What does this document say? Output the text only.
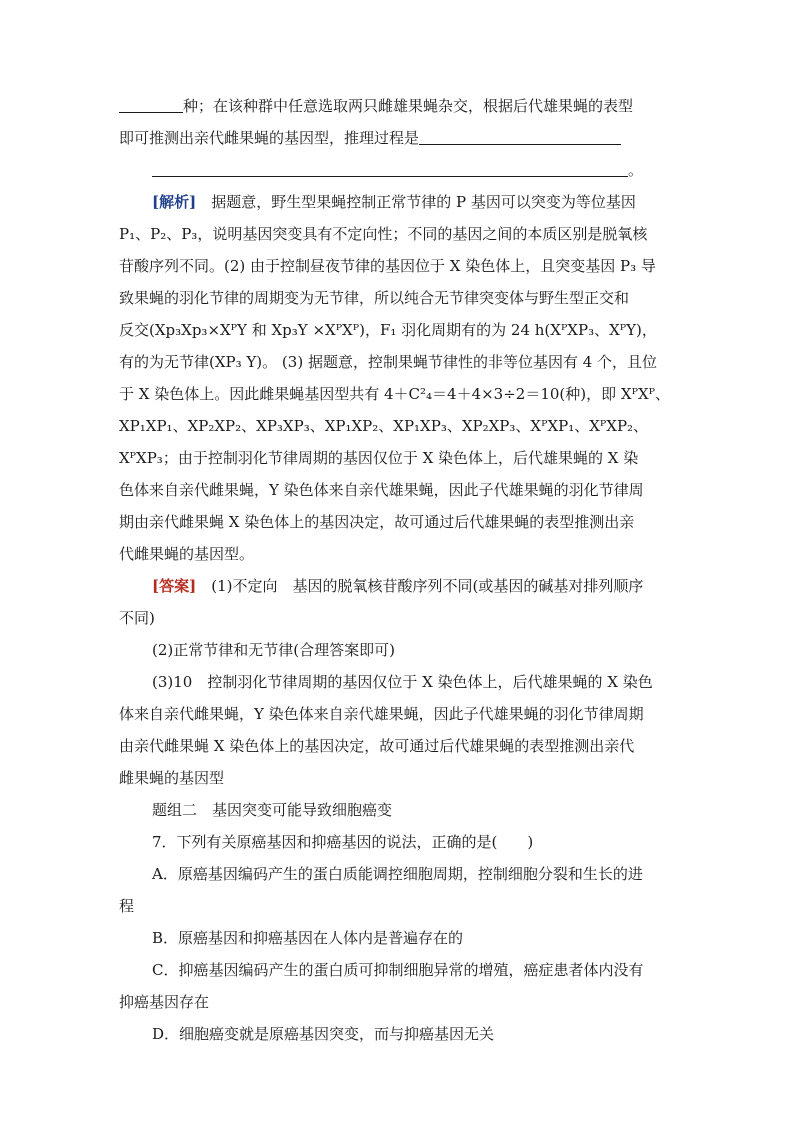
种；在该种群中任意选取两只雌雄果蝇杂交，根据后代雄果蝇的表型
即可推测出亲代雌果蝇的基因型，推理过程是
。
[解析]　 据题意，野生型果蝇控制正常节律的 P 基因可以突变为等位基因
P₁、P₂、P₃，说明基因突变具有不定向性；不同的基因之间的本质区别是脱氧核
苷酸序列不同。(2) 由于控制昼夜节律的基因位于 X 染色体上，且突变基因 P₃ 导
致果蝇的羽化节律的周期变为无节律，所以纯合无节律突变体与野生型正交和
反交(Xp₃Xp₃×XᴾY 和 Xp₃Y ×XᴾXᴾ)，F₁ 羽化周期有的为 24 h(XᴾXP₃、XᴾY)，
有的为无节律(XP₃ Y)。 (3) 据题意，控制果蝇节律性的非等位基因有 4 个，且位
于 X 染色体上。因此雌果蝇基因型共有 4＋C²₄＝4＋4×3÷2＝10(种)，即 XᴾXᴾ、
XP₁XP₁、XP₂XP₂、XP₃XP₃、XP₁XP₂、XP₁XP₃、XP₂XP₃、XᴾXP₁、XᴾXP₂、
XᴾXP₃；由于控制羽化节律周期的基因仅位于 X 染色体上，后代雄果蝇的 X 染
色体来自亲代雌果蝇，Y 染色体来自亲代雄果蝇，因此子代雄果蝇的羽化节律周
期由亲代雌果蝇 X 染色体上的基因决定，故可通过后代雄果蝇的表型推测出亲
代雌果蝇的基因型。
[答案]　 (1)不定向　基因的脱氧核苷酸序列不同(或基因的碱基对排列顺序
不同)
(2)正常节律和无节律(合理答案即可)
(3)10　控制羽化节律周期的基因仅位于 X 染色体上，后代雄果蝇的 X 染色
体来自亲代雌果蝇，Y 染色体来自亲代雄果蝇，因此子代雄果蝇的羽化节律周期
由亲代雌果蝇 X 染色体上的基因决定，故可通过后代雄果蝇的表型推测出亲代
雌果蝇的基因型
题组二　基因突变可能导致细胞癌变
7．下列有关原癌基因和抑癌基因的说法，正确的是(　　)
A．原癌基因编码产生的蛋白质能调控细胞周期，控制细胞分裂和生长的进
程
B．原癌基因和抑癌基因在人体内是普遍存在的
C．抑癌基因编码产生的蛋白质可抑制细胞异常的增殖，癌症患者体内没有
抑癌基因存在
D．细胞癌变就是原癌基因突变，而与抑癌基因无关
